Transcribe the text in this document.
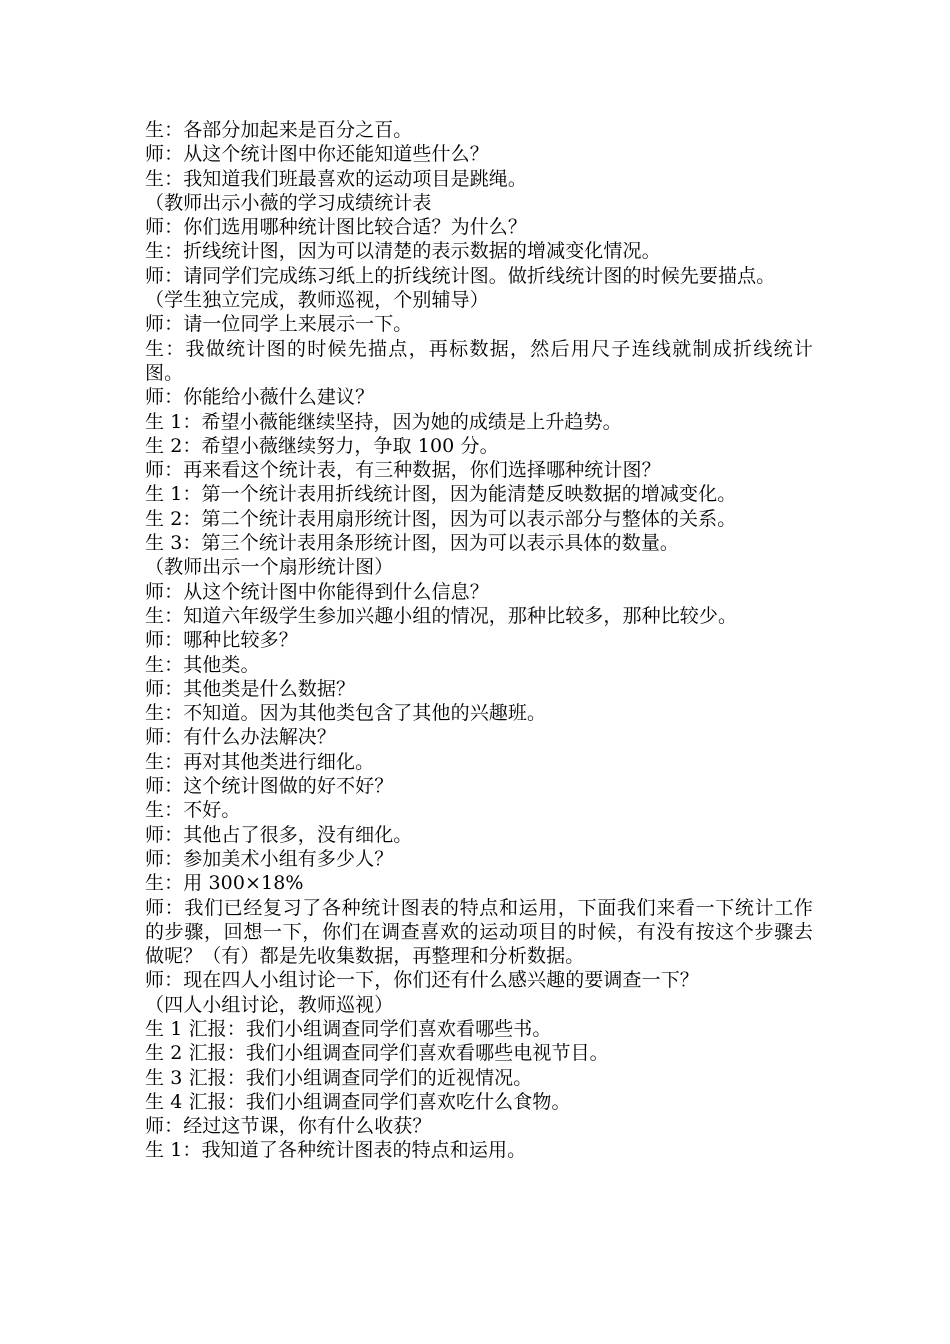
生：各部分加起来是百分之百。
师：从这个统计图中你还能知道些什么？
生：我知道我们班最喜欢的运动项目是跳绳。
（教师出示小薇的学习成绩统计表
师：你们选用哪种统计图比较合适？为什么？
生：折线统计图，因为可以清楚的表示数据的增减变化情况。
师：请同学们完成练习纸上的折线统计图。做折线统计图的时候先要描点。
（学生独立完成，教师巡视，个别辅导）
师：请一位同学上来展示一下。
生：我做统计图的时候先描点，再标数据，然后用尺子连线就制成折线统计图。
师：你能给小薇什么建议？
生 1：希望小薇能继续坚持，因为她的成绩是上升趋势。
生 2：希望小薇继续努力，争取 100 分。
师：再来看这个统计表，有三种数据，你们选择哪种统计图？
生 1：第一个统计表用折线统计图，因为能清楚反映数据的增减变化。
生 2：第二个统计表用扇形统计图，因为可以表示部分与整体的关系。
生 3：第三个统计表用条形统计图，因为可以表示具体的数量。
（教师出示一个扇形统计图）
师：从这个统计图中你能得到什么信息？
生：知道六年级学生参加兴趣小组的情况，那种比较多，那种比较少。
师：哪种比较多？
生：其他类。
师：其他类是什么数据？
生：不知道。因为其他类包含了其他的兴趣班。
师：有什么办法解决？
生：再对其他类进行细化。
师：这个统计图做的好不好？
生：不好。
师：其他占了很多，没有细化。
师：参加美术小组有多少人？
生：用 300×18%
师：我们已经复习了各种统计图表的特点和运用，下面我们来看一下统计工作的步骤，回想一下，你们在调查喜欢的运动项目的时候，有没有按这个步骤去做呢？（有）都是先收集数据，再整理和分析数据。
师：现在四人小组讨论一下，你们还有什么感兴趣的要调查一下？
（四人小组讨论，教师巡视）
生 1 汇报：我们小组调查同学们喜欢看哪些书。
生 2 汇报：我们小组调查同学们喜欢看哪些电视节目。
生 3 汇报：我们小组调查同学们的近视情况。
生 4 汇报：我们小组调查同学们喜欢吃什么食物。
师：经过这节课，你有什么收获？
生 1：我知道了各种统计图表的特点和运用。
